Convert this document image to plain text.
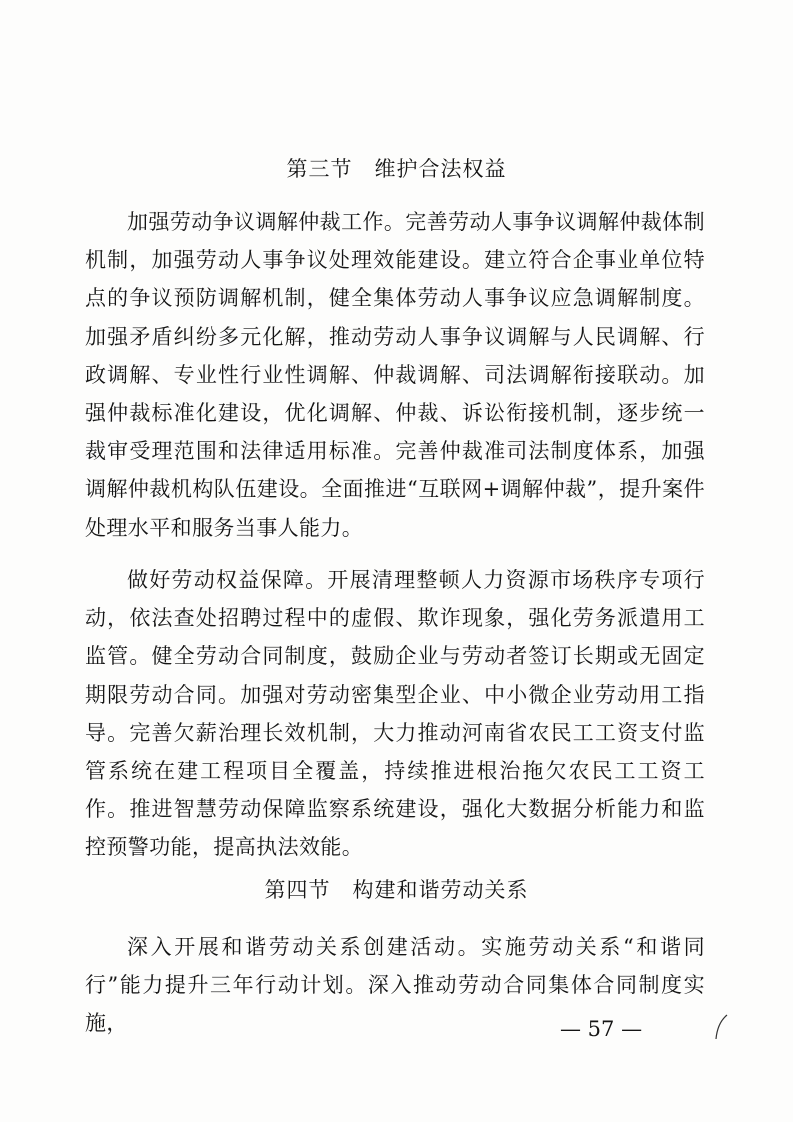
第三节　维护合法权益

加强劳动争议调解仲裁工作。完善劳动人事争议调解仲裁体制机制，加强劳动人事争议处理效能建设。建立符合企事业单位特点的争议预防调解机制，健全集体劳动人事争议应急调解制度。加强矛盾纠纷多元化解，推动劳动人事争议调解与人民调解、行政调解、专业性行业性调解、仲裁调解、司法调解衔接联动。加强仲裁标准化建设，优化调解、仲裁、诉讼衔接机制，逐步统一裁审受理范围和法律适用标准。完善仲裁准司法制度体系，加强调解仲裁机构队伍建设。全面推进“互联网+调解仲裁”，提升案件处理水平和服务当事人能力。

做好劳动权益保障。开展清理整顿人力资源市场秩序专项行动，依法查处招聘过程中的虚假、欺诈现象，强化劳务派遣用工监管。健全劳动合同制度，鼓励企业与劳动者签订长期或无固定期限劳动合同。加强对劳动密集型企业、中小微企业劳动用工指导。完善欠薪治理长效机制，大力推动河南省农民工工资支付监管系统在建工程项目全覆盖，持续推进根治拖欠农民工工资工作。推进智慧劳动保障监察系统建设，强化大数据分析能力和监控预警功能，提高执法效能。

第四节　构建和谐劳动关系

深入开展和谐劳动关系创建活动。实施劳动关系“和谐同行”能力提升三年行动计划。深入推动劳动合同集体合同制度实施，	— 57 —
